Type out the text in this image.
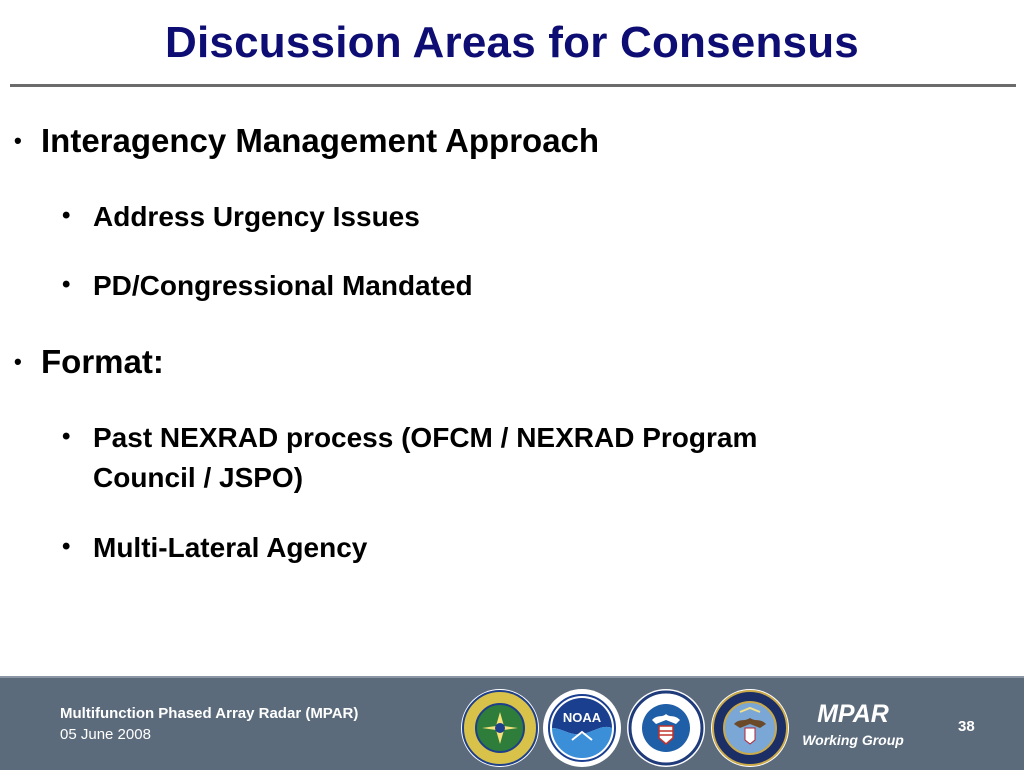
Discussion Areas for Consensus
• Interagency Management Approach
• Address Urgency Issues
• PD/Congressional Mandated
• Format:
• Past NEXRAD process (OFCM / NEXRAD Program
Council / JSPO)
• Multi-Lateral Agency
Multifunction Phased Array Radar (MPAR)
05 June 2008
NOAA	MPAR
Working Group
38
